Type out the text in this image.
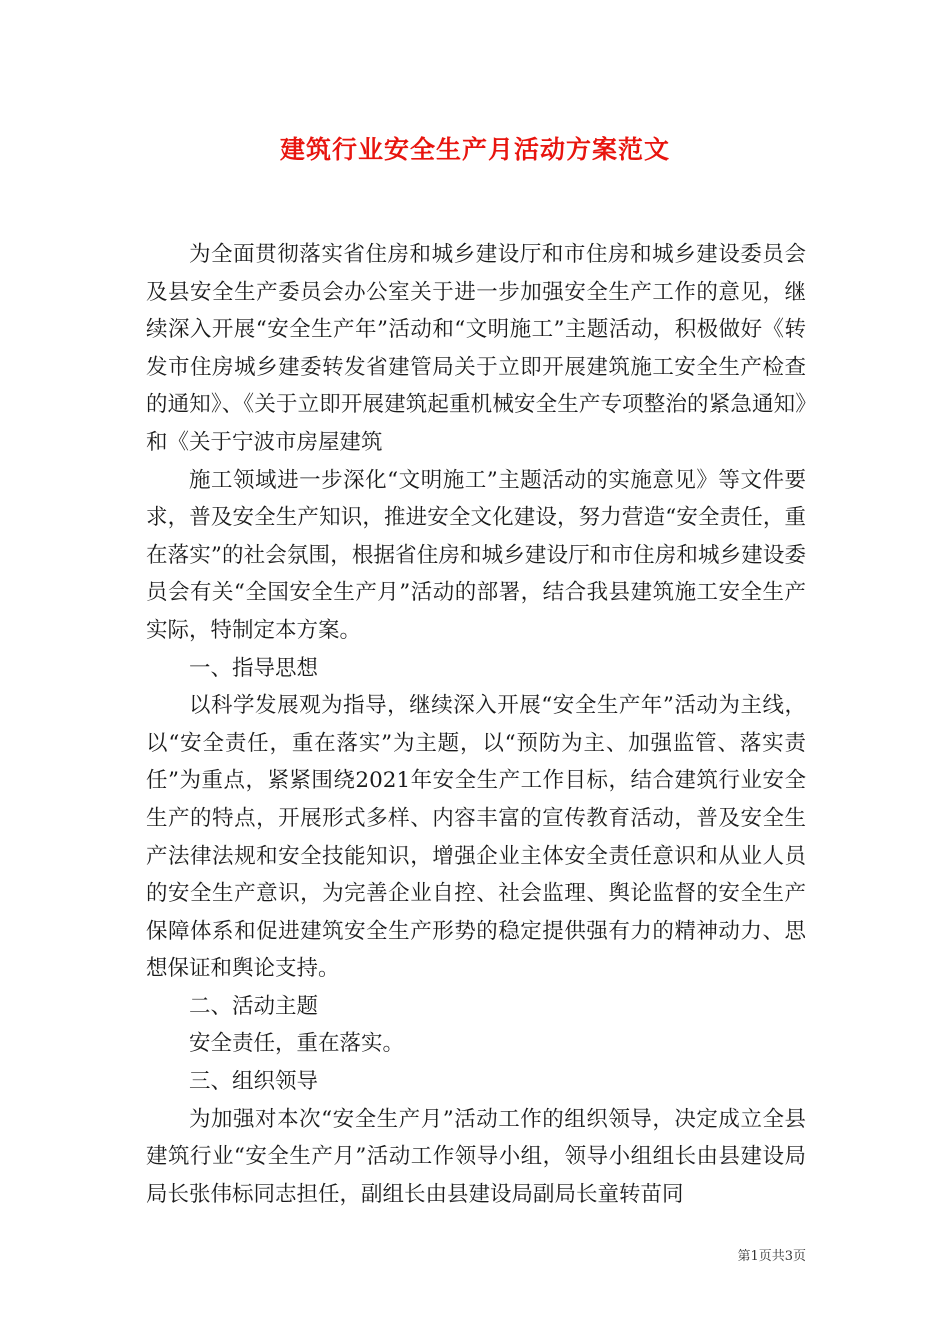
建筑行业安全生产月活动方案范文

为全面贯彻落实省住房和城乡建设厅和市住房和城乡建设委员会及县安全生产委员会办公室关于进一步加强安全生产工作的意见，继续深入开展“安全生产年”活动和“文明施工”主题活动，积极做好《转发市住房城乡建委转发省建管局关于立即开展建筑施工安全生产检查的通知》、《关于立即开展建筑起重机械安全生产专项整治的紧急通知》和《关于宁波市房屋建筑

施工领域进一步深化“文明施工”主题活动的实施意见》等文件要求，普及安全生产知识，推进安全文化建设，努力营造“安全责任，重在落实”的社会氛围，根据省住房和城乡建设厅和市住房和城乡建设委员会有关“全国安全生产月”活动的部署，结合我县建筑施工安全生产实际，特制定本方案。

一、指导思想

以科学发展观为指导，继续深入开展“安全生产年”活动为主线，以“安全责任，重在落实”为主题，以“预防为主、加强监管、落实责任”为重点，紧紧围绕2021年安全生产工作目标，结合建筑行业安全生产的特点，开展形式多样、内容丰富的宣传教育活动，普及安全生产法律法规和安全技能知识，增强企业主体安全责任意识和从业人员的安全生产意识，为完善企业自控、社会监理、舆论监督的安全生产保障体系和促进建筑安全生产形势的稳定提供强有力的精神动力、思想保证和舆论支持。

二、活动主题

安全责任，重在落实。

三、组织领导

为加强对本次“安全生产月”活动工作的组织领导，决定成立全县建筑行业“安全生产月”活动工作领导小组，领导小组组长由县建设局局长张伟标同志担任，副组长由县建设局副局长童转苗同

第1页共3页
